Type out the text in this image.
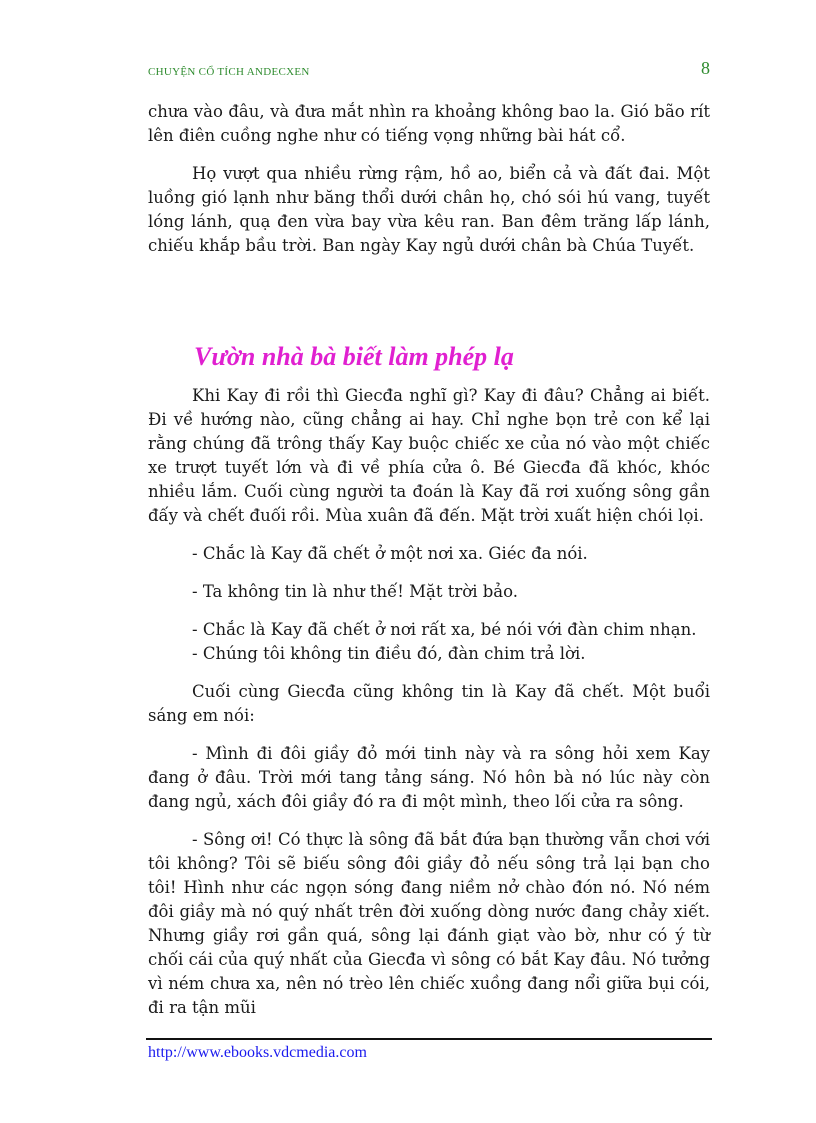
CHUYỆN CỔ TÍCH ANDECXEN	8

chưa vào đâu, và đưa mắt nhìn ra khoảng không bao la. Gió bão rít lên điên cuồng nghe như có tiếng vọng những bài hát cổ.

Họ vượt qua nhiều rừng rậm, hồ ao, biển cả và đất đai. Một luồng gió lạnh như băng thổi dưới chân họ, chó sói hú vang, tuyết lóng lánh, quạ đen vừa bay vừa kêu ran. Ban đêm trăng lấp lánh, chiếu khắp bầu trời. Ban ngày Kay ngủ dưới chân bà Chúa Tuyết.

Vườn nhà bà biết làm phép lạ

Khi Kay đi rồi thì Giecđa nghĩ gì? Kay đi đâu? Chẳng ai biết. Đi về hướng nào, cũng chẳng ai hay. Chỉ nghe bọn trẻ con kể lại rằng chúng đã trông thấy Kay buộc chiếc xe của nó vào một chiếc xe trượt tuyết lớn và đi về phía cửa ô. Bé Giecđa đã khóc, khóc nhiều lắm. Cuối cùng người ta đoán là Kay đã rơi xuống sông gần đấy và chết đuối rồi. Mùa xuân đã đến. Mặt trời xuất hiện chói lọi.

- Chắc là Kay đã chết ở một nơi xa. Giéc đa nói.

- Ta không tin là như thế! Mặt trời bảo.

- Chắc là Kay đã chết ở nơi rất xa, bé nói với đàn chim nhạn.

- Chúng tôi không tin điều đó, đàn chim trả lời.

Cuối cùng Giecđa cũng không tin là Kay đã chết. Một buổi sáng em nói:

- Mình đi đôi giầy đỏ mới tinh này và ra sông hỏi xem Kay đang ở đâu. Trời mới tang tảng sáng. Nó hôn bà nó lúc này còn đang ngủ, xách đôi giầy đó ra đi một mình, theo lối cửa ra sông.

- Sông ơi! Có thực là sông đã bắt đứa bạn thường vẫn chơi với tôi không? Tôi sẽ biếu sông đôi giầy đỏ nếu sông trả lại bạn cho tôi! Hình như các ngọn sóng đang niềm nở chào đón nó. Nó ném đôi giầy mà nó quý nhất trên đời xuống dòng nước đang chảy xiết. Nhưng giầy rơi gần quá, sông lại đánh giạt vào bờ, như có ý từ chối cái của quý nhất của Giecđa vì sông có bắt Kay đâu. Nó tưởng vì ném chưa xa, nên nó trèo lên chiếc xuồng đang nổi giữa bụi cói, đi ra tận mũi

http://www.ebooks.vdcmedia.com
